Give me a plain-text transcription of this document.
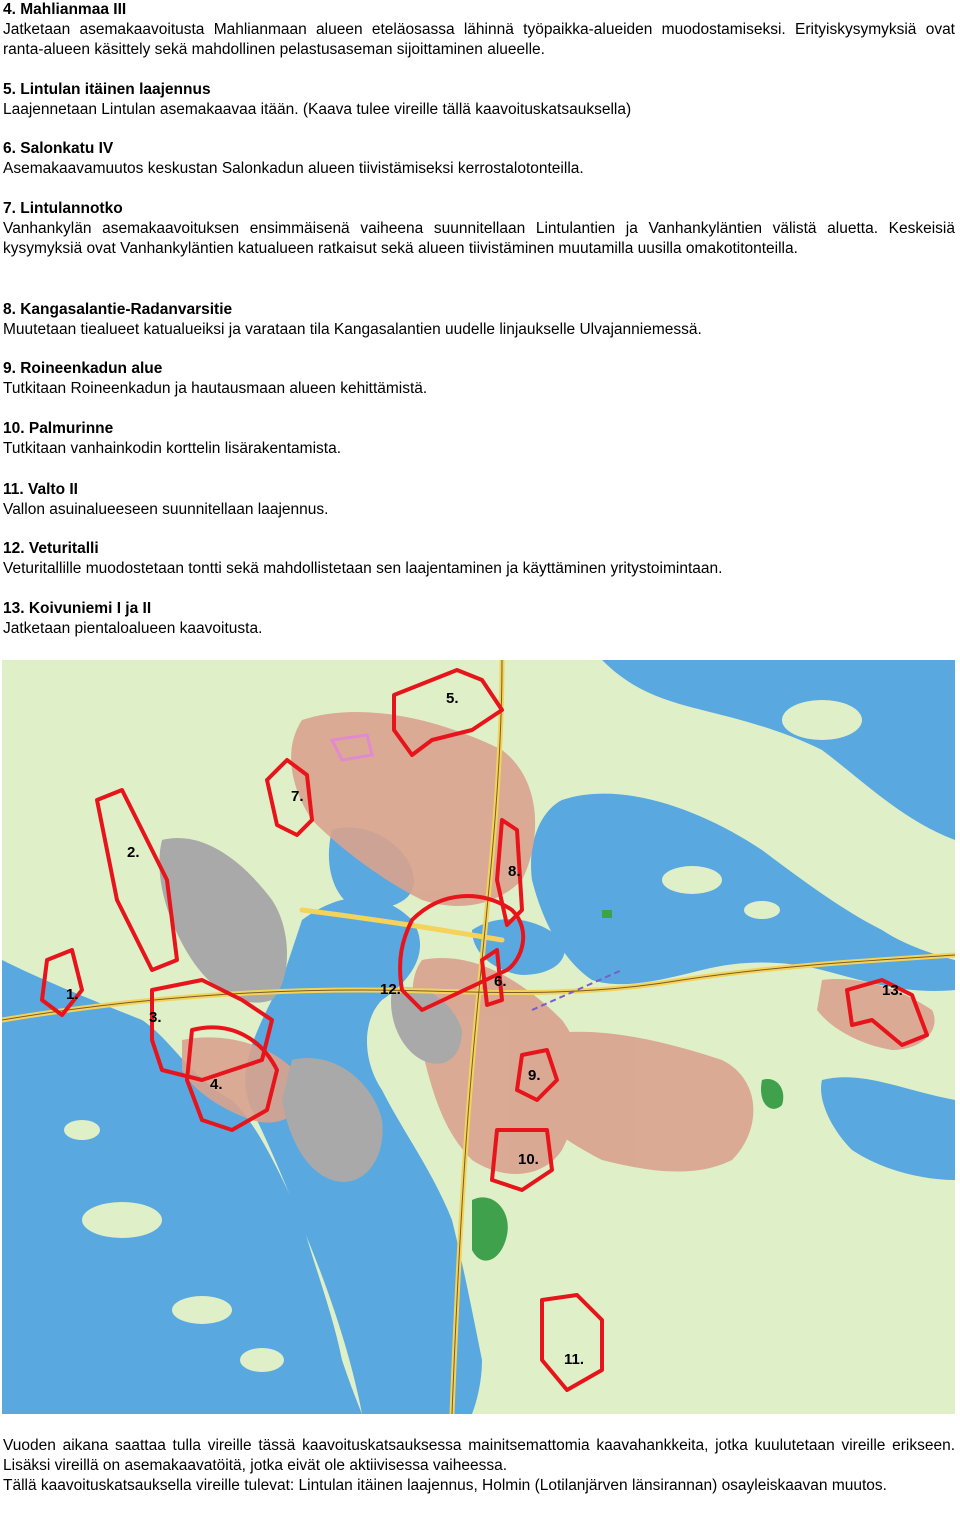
4. Mahlianmaa III
Jatketaan asemakaavoitusta Mahlianmaan alueen eteläosassa lähinnä työpaikka-alueiden muodostamiseksi. Erityiskysymyksiä ovat ranta-alueen käsittely sekä mahdollinen pelastusaseman sijoittaminen alueelle.
5. Lintulan itäinen laajennus
Laajennetaan Lintulan asemakaavaa itään. (Kaava tulee vireille tällä kaavoituskatsauksella)
6. Salonkatu IV
Asemakaavamuutos keskustan Salonkadun alueen tiivistämiseksi kerrostalotonteilla.
7. Lintulannotko
Vanhankylän asemakaavoituksen ensimmäisenä vaiheena suunnitellaan Lintulantien ja Vanhankyläntien välistä aluetta. Keskeisiä kysymyksiä ovat Vanhankyläntien katualueen ratkaisut sekä alueen tiivistäminen muutamilla uusilla omakotitonteilla.
8. Kangasalantie-Radanvarsitie
Muutetaan tiealueet katualueiksi ja varataan tila Kangasalantien uudelle linjaukselle Ulvajanniemessä.
9. Roineenkadun alue
Tutkitaan Roineenkadun ja hautausmaan alueen kehittämistä.
10. Palmurinne
Tutkitaan vanhainkodin korttelin lisärakentamista.
11. Valto II
Vallon asuinalueeseen suunnitellaan laajennus.
12. Veturitalli
Veturitallille muodostetaan tontti sekä mahdollistetaan sen laajentaminen ja käyttäminen yritystoimintaan.
13. Koivuniemi I ja II
Jatketaan pientaloalueen kaavoitusta.
5.
7.
2.
8.
12.	6.
1.
3.
13.
9.
4.
10.
11.
Vuoden aikana saattaa tulla vireille tässä kaavoituskatsauksessa mainitsemattomia kaavahankkeita, jotka kuulutetaan vireille erikseen. Lisäksi vireillä on asemakaavatöitä, jotka eivät ole aktiivisessa vaiheessa.
Tällä kaavoituskatsauksella vireille tulevat: Lintulan itäinen laajennus, Holmin (Lotilanjärven länsirannan) osayleiskaavan muutos.
